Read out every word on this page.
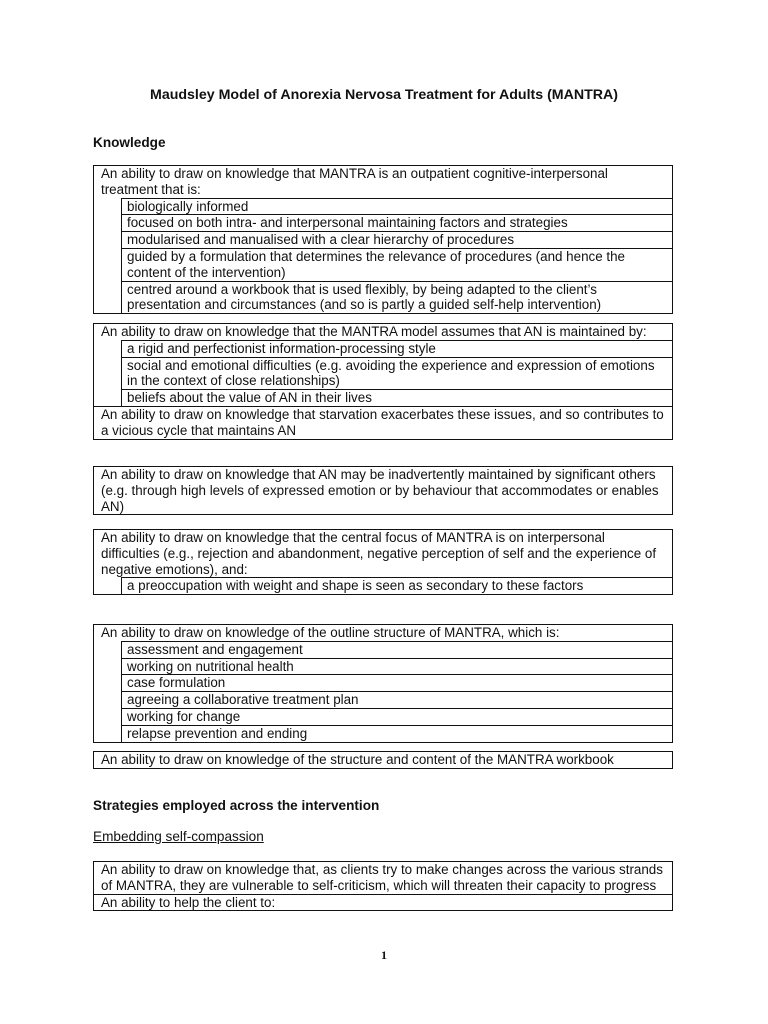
Maudsley Model of Anorexia Nervosa Treatment for Adults (MANTRA)
Knowledge
An ability to draw on knowledge that MANTRA is an outpatient cognitive-interpersonal treatment that is:
biologically informed
focused on both intra- and interpersonal maintaining factors and strategies
modularised and manualised with a clear hierarchy of procedures
guided by a formulation that determines the relevance of procedures (and hence the content of the intervention)
centred around a workbook that is used flexibly, by being adapted to the client’s presentation and circumstances (and so is partly a guided self-help intervention)
An ability to draw on knowledge that the MANTRA model assumes that AN is maintained by:
a rigid and perfectionist information-processing style
social and emotional difficulties (e.g. avoiding the experience and expression of emotions in the context of close relationships)
beliefs about the value of AN in their lives
An ability to draw on knowledge that starvation exacerbates these issues, and so contributes to a vicious cycle that maintains AN
An ability to draw on knowledge that AN may be inadvertently maintained by significant others (e.g. through high levels of expressed emotion or by behaviour that accommodates or enables AN)
An ability to draw on knowledge that the central focus of MANTRA is on interpersonal difficulties (e.g., rejection and abandonment, negative perception of self and the experience of negative emotions), and:
a preoccupation with weight and shape is seen as secondary to these factors
An ability to draw on knowledge of the outline structure of MANTRA, which is:
assessment and engagement
working on nutritional health
case formulation
agreeing a collaborative treatment plan
working for change
relapse prevention and ending
An ability to draw on knowledge of the structure and content of the MANTRA workbook
Strategies employed across the intervention
Embedding self-compassion
An ability to draw on knowledge that, as clients try to make changes across the various strands of MANTRA, they are vulnerable to self-criticism, which will threaten their capacity to progress
An ability to help the client to:
1
